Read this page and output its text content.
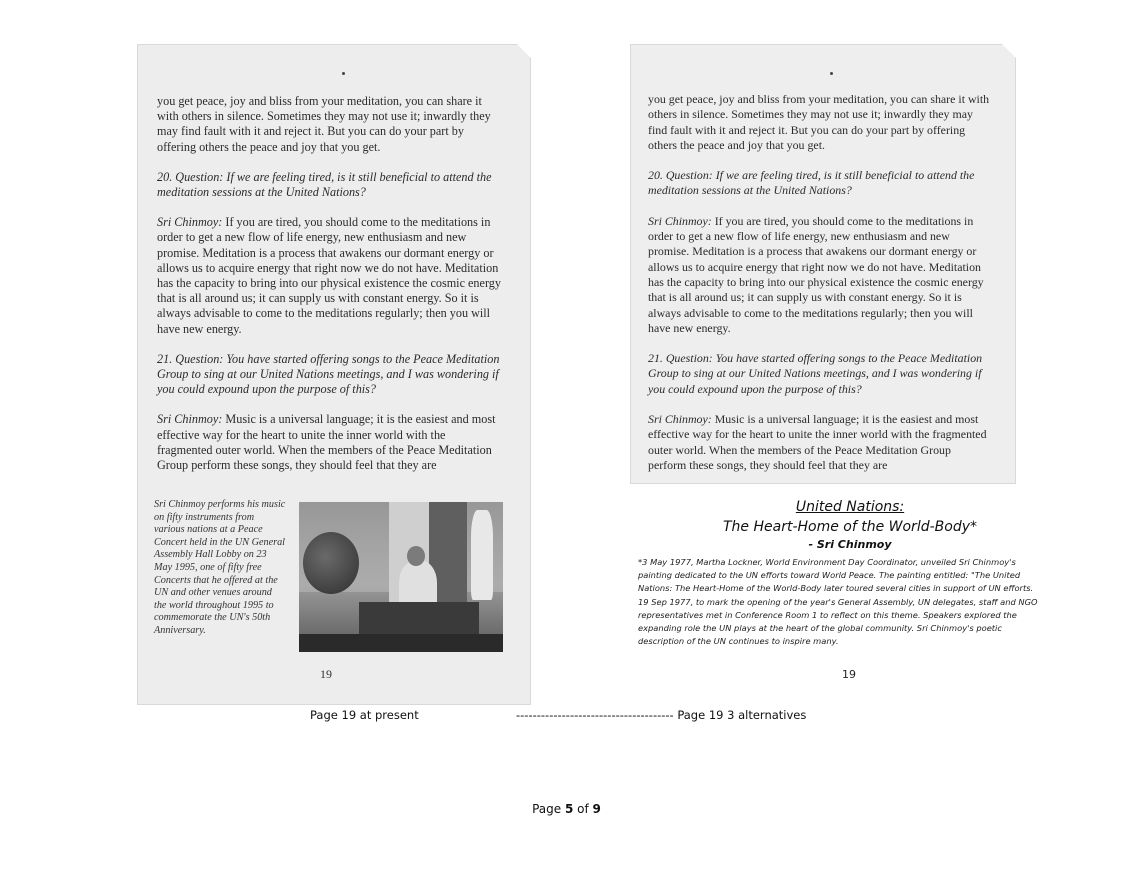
you get peace, joy and bliss from your meditation, you can share it with others in silence. Sometimes they may not use it; inwardly they may find fault with it and reject it. But you can do your part by offering others the peace and joy that you get.

20. Question: If we are feeling tired, is it still beneficial to attend the meditation sessions at the United Nations?

Sri Chinmoy: If you are tired, you should come to the meditations in order to get a new flow of life energy, new enthusiasm and new promise. Meditation is a process that awakens our dormant energy or allows us to acquire energy that right now we do not have. Meditation has the capacity to bring into our physical existence the cosmic energy that is all around us; it can supply us with constant energy. So it is always advisable to come to the meditations regularly; then you will have new energy.

21. Question: You have started offering songs to the Peace Meditation Group to sing at our United Nations meetings, and I was wondering if you could expound upon the purpose of this?

Sri Chinmoy: Music is a universal language; it is the easiest and most effective way for the heart to unite the inner world with the fragmented outer world. When the members of the Peace Meditation Group perform these songs, they should feel that they are

Sri Chinmoy performs his music on fifty instruments from various nations at a Peace Concert held in the UN General Assembly Hall Lobby on 23 May 1995, one of fifty free Concerts that he offered at the UN and other venues around the world throughout 1995 to commemorate the UN's 50th Anniversary.
19

you get peace, joy and bliss from your meditation, you can share it with others in silence. Sometimes they may not use it; inwardly they may find fault with it and reject it. But you can do your part by offering others the peace and joy that you get.

20. Question: If we are feeling tired, is it still beneficial to attend the meditation sessions at the United Nations?

Sri Chinmoy: If you are tired, you should come to the meditations in order to get a new flow of life energy, new enthusiasm and new promise. Meditation is a process that awakens our dormant energy or allows us to acquire energy that right now we do not have. Meditation has the capacity to bring into our physical existence the cosmic energy that is all around us; it can supply us with constant energy. So it is always advisable to come to the meditations regularly; then you will have new energy.

21. Question: You have started offering songs to the Peace Meditation Group to sing at our United Nations meetings, and I was wondering if you could expound upon the purpose of this?

Sri Chinmoy: Music is a universal language; it is the easiest and most effective way for the heart to unite the inner world with the fragmented outer world. When the members of the Peace Meditation Group perform these songs, they should feel that they are

United Nations:
The Heart-Home of the World-Body*
- Sri Chinmoy
*3 May 1977, Martha Lockner, World Environment Day Coordinator, unveiled Sri Chinmoy's painting dedicated to the UN efforts toward World Peace. The painting entitled: "The United Nations: The Heart-Home of the World-Body later toured several cities in support of UN efforts. 19 Sep 1977, to mark the opening of the year's General Assembly, UN delegates, staff and NGO representatives met in Conference Room 1 to reflect on this theme. Speakers explored the expanding role the UN plays at the heart of the global community. Sri Chinmoy's poetic description of the UN continues to inspire many.
19
Page 19 at present	-------------------------------------- Page 19 3 alternatives
Page 5 of 9
